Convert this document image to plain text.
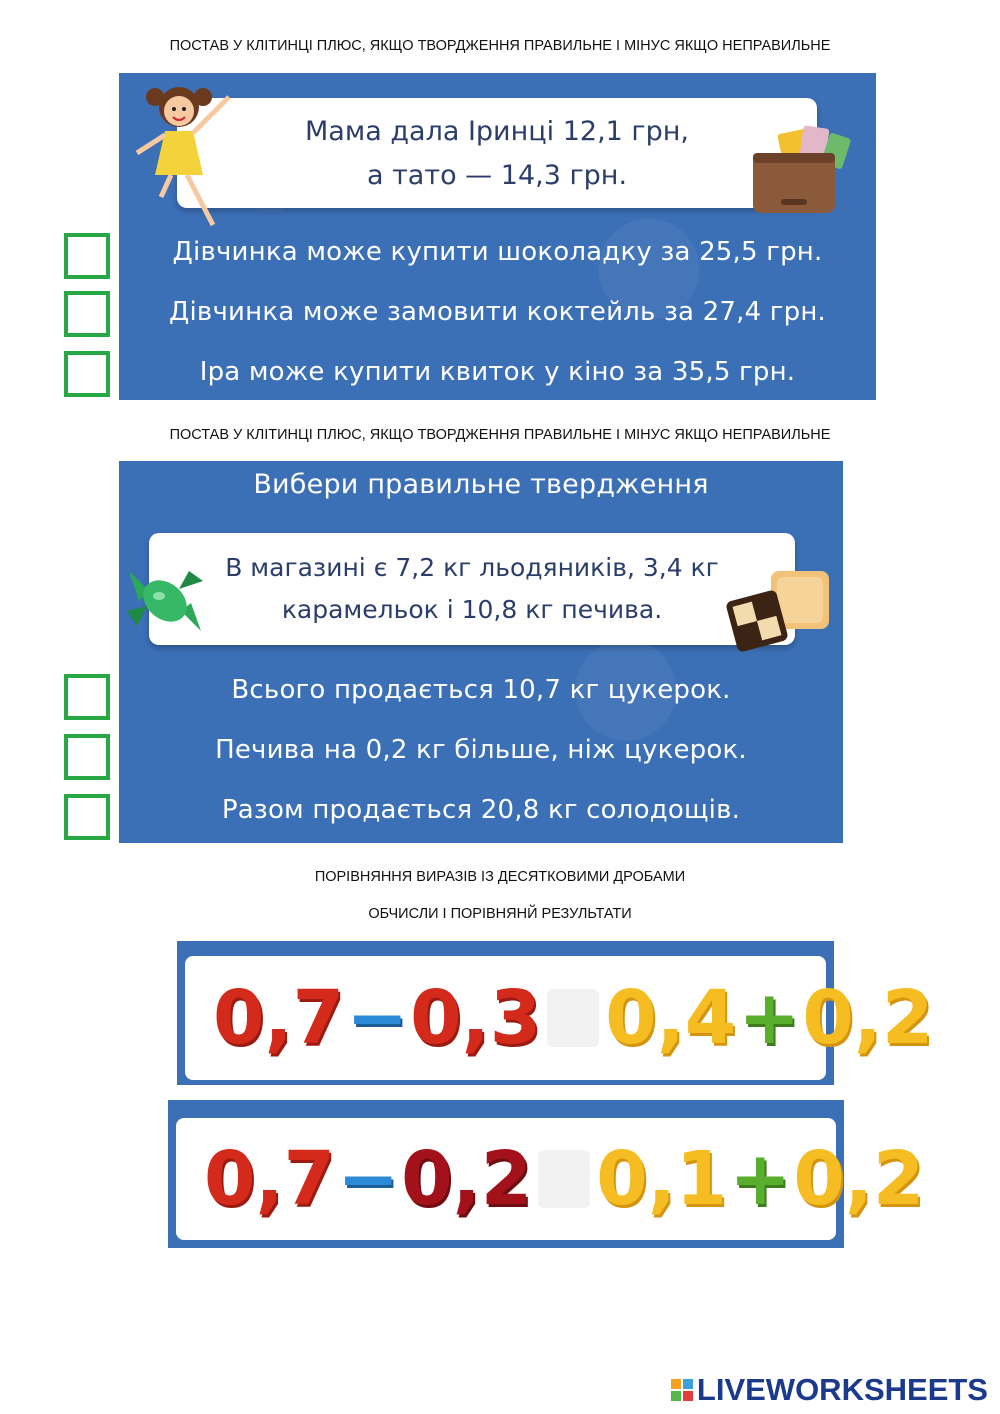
ПОСТАВ У КЛІТИНЦІ ПЛЮС, ЯКЩО ТВОРДЖЕННЯ ПРАВИЛЬНЕ І МІНУС ЯКЩО НЕПРАВИЛЬНЕ
Мама дала Іринці 12,1 грн,
а тато — 14,3 грн.
Дівчинка може купити шоколадку за 25,5 грн.
Дівчинка може замовити коктейль за 27,4 грн.
Іра може купити квиток у кіно за 35,5 грн.
ПОСТАВ У КЛІТИНЦІ ПЛЮС, ЯКЩО ТВОРДЖЕННЯ ПРАВИЛЬНЕ І МІНУС ЯКЩО НЕПРАВИЛЬНЕ
Вибери правильне твердження
В магазині є 7,2 кг льодяників, 3,4 кг
карамельок і 10,8 кг печива.
Всього продається 10,7 кг цукерок.
Печива на 0,2 кг більше, ніж цукерок.
Разом продається 20,8 кг солодощів.
ПОРІВНЯННЯ ВИРАЗІВ ІЗ ДЕСЯТКОВИМИ ДРОБАМИ
ОБЧИСЛИ І ПОРІВНЯНЙ РЕЗУЛЬТАТИ
0,7 − 0,3 0,4 + 0,2
0,7 − 0,2 0,1 + 0,2
LIVEWORKSHEETS
